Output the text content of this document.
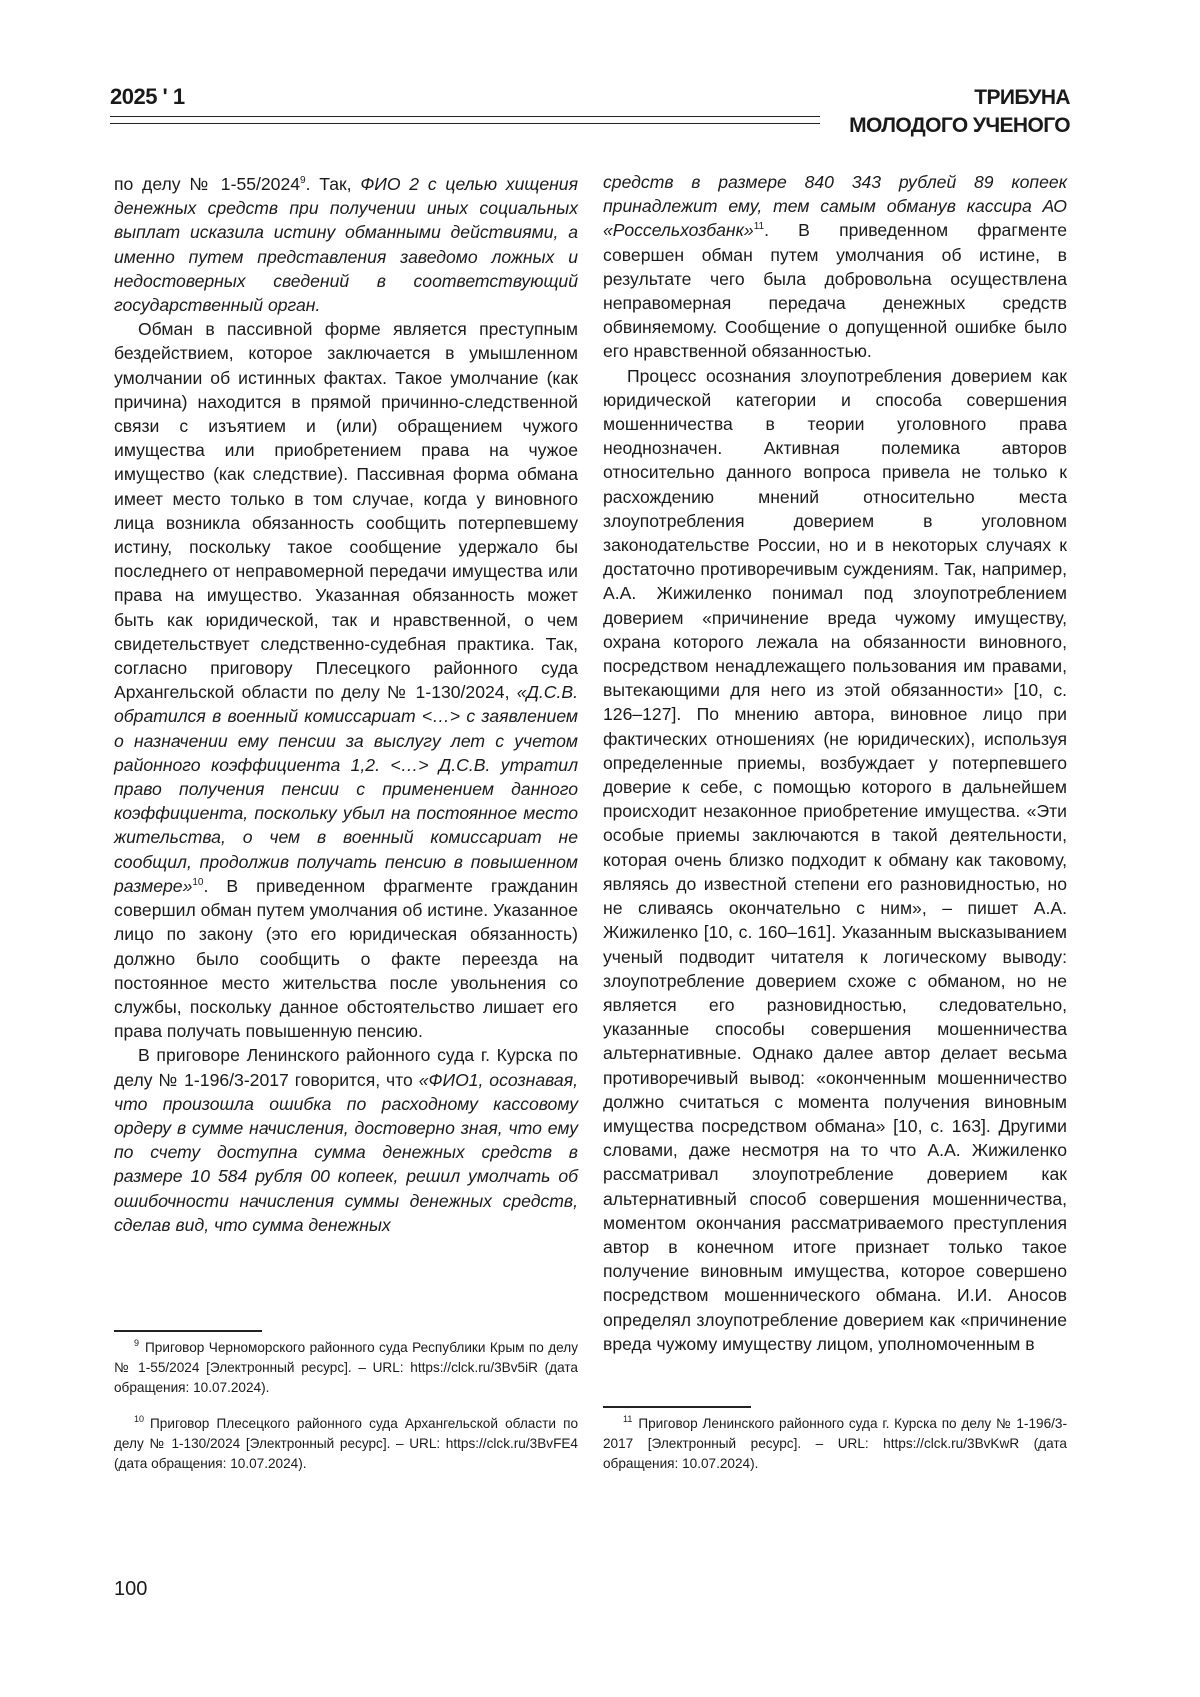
2025 ' 1	ТРИБУНА
МОЛОДОГО УЧЕНОГО

по делу № 1-55/2024$^9$. Так, ФИО 2 с целью хищения денежных средств при получении иных социальных выплат исказила истину обманными действиями, а именно путем представления заведомо ложных и недостоверных сведений в соответствующий государственный орган.

Обман в пассивной форме является преступным бездействием, которое заключается в умышленном умолчании об истинных фактах. Такое умолчание (как причина) находится в прямой причинно-следственной связи с изъятием и (или) обращением чужого имущества или приобретением права на чужое имущество (как следствие). Пассивная форма обмана имеет место только в том случае, когда у виновного лица возникла обязанность сообщить потерпевшему истину, поскольку такое сообщение удержало бы последнего от неправомерной передачи имущества или права на имущество. Указанная обязанность может быть как юридической, так и нравственной, о чем свидетельствует следственно-судебная практика. Так, согласно приговору Плесецкого районного суда Архангельской области по делу № 1-130/2024, «Д.С.В. обратился в военный комиссариат <…> с заявлением о назначении ему пенсии за выслугу лет с учетом районного коэффициента 1,2. <…> Д.С.В. утратил право получения пенсии с применением данного коэффициента, поскольку убыл на постоянное место жительства, о чем в военный комиссариат не сообщил, продолжив получать пенсию в повышенном размере»$^{10}$. В приведенном фрагменте гражданин совершил обман путем умолчания об истине. Указанное лицо по закону (это его юридическая обязанность) должно было сообщить о факте переезда на постоянное место жительства после увольнения со службы, поскольку данное обстоятельство лишает его права получать повышенную пенсию.

В приговоре Ленинского районного суда г. Курска по делу № 1-196/3-2017 говорится, что «ФИО1, осознавая, что произошла ошибка по расходному кассовому ордеру в сумме начисления, достоверно зная, что ему по счету доступна сумма денежных средств в размере 10 584 рубля 00 копеек, решил умолчать об ошибочности начисления суммы денежных средств, сделав вид, что сумма денежных

средств в размере 840 343 рублей 89 копеек принадлежит ему, тем самым обманув кассира АО «Россельхозбанк»$^{11}$. В приведенном фрагменте совершен обман путем умолчания об истине, в результате чего была добровольна осуществлена неправомерная передача денежных средств обвиняемому. Сообщение о допущенной ошибке было его нравственной обязанностью.

Процесс осознания злоупотребления доверием как юридической категории и способа совершения мошенничества в теории уголовного права неоднозначен. Активная полемика авторов относительно данного вопроса привела не только к расхождению мнений относительно места злоупотребления доверием в уголовном законодательстве России, но и в некоторых случаях к достаточно противоречивым суждениям. Так, например, А.А. Жижиленко понимал под злоупотреблением доверием «причинение вреда чужому имуществу, охрана которого лежала на обязанности виновного, посредством ненадлежащего пользования им правами, вытекающими для него из этой обязанности» [10, с. 126–127]. По мнению автора, виновное лицо при фактических отношениях (не юридических), используя определенные приемы, возбуждает у потерпевшего доверие к себе, с помощью которого в дальнейшем происходит незаконное приобретение имущества. «Эти особые приемы заключаются в такой деятельности, которая очень близко подходит к обману как таковому, являясь до известной степени его разновидностью, но не сливаясь окончательно с ним», – пишет А.А. Жижиленко [10, с. 160–161]. Указанным высказыванием ученый подводит читателя к логическому выводу: злоупотребление доверием схоже с обманом, но не является его разновидностью, следовательно, указанные способы совершения мошенничества альтернативные. Однако далее автор делает весьма противоречивый вывод: «оконченным мошенничество должно считаться с момента получения виновным имущества посредством обмана» [10, с. 163]. Другими словами, даже несмотря на то что А.А. Жижиленко рассматривал злоупотребление доверием как альтернативный способ совершения мошенничества, моментом окончания рассматриваемого преступления автор в конечном итоге признает только такое получение виновным имущества, которое совершено посредством мошеннического обмана. И.И. Аносов определял злоупотребление доверием как «причинение вреда чужому имуществу лицом, уполномоченным в

$^9$ Приговор Черноморского районного суда Республики Крым по делу № 1-55/2024 [Электронный ресурс]. – URL: https://clck.ru/3Bv5iR (дата обращения: 10.07.2024).

$^{10}$ Приговор Плесецкого районного суда Архангельской области по делу № 1-130/2024 [Электронный ресурс]. – URL: https://clck.ru/3BvFE4 (дата обращения: 10.07.2024).

$^{11}$ Приговор Ленинского районного суда г. Курска по делу № 1-196/3-2017 [Электронный ресурс]. – URL: https://clck.ru/3BvKwR (дата обращения: 10.07.2024).

100
